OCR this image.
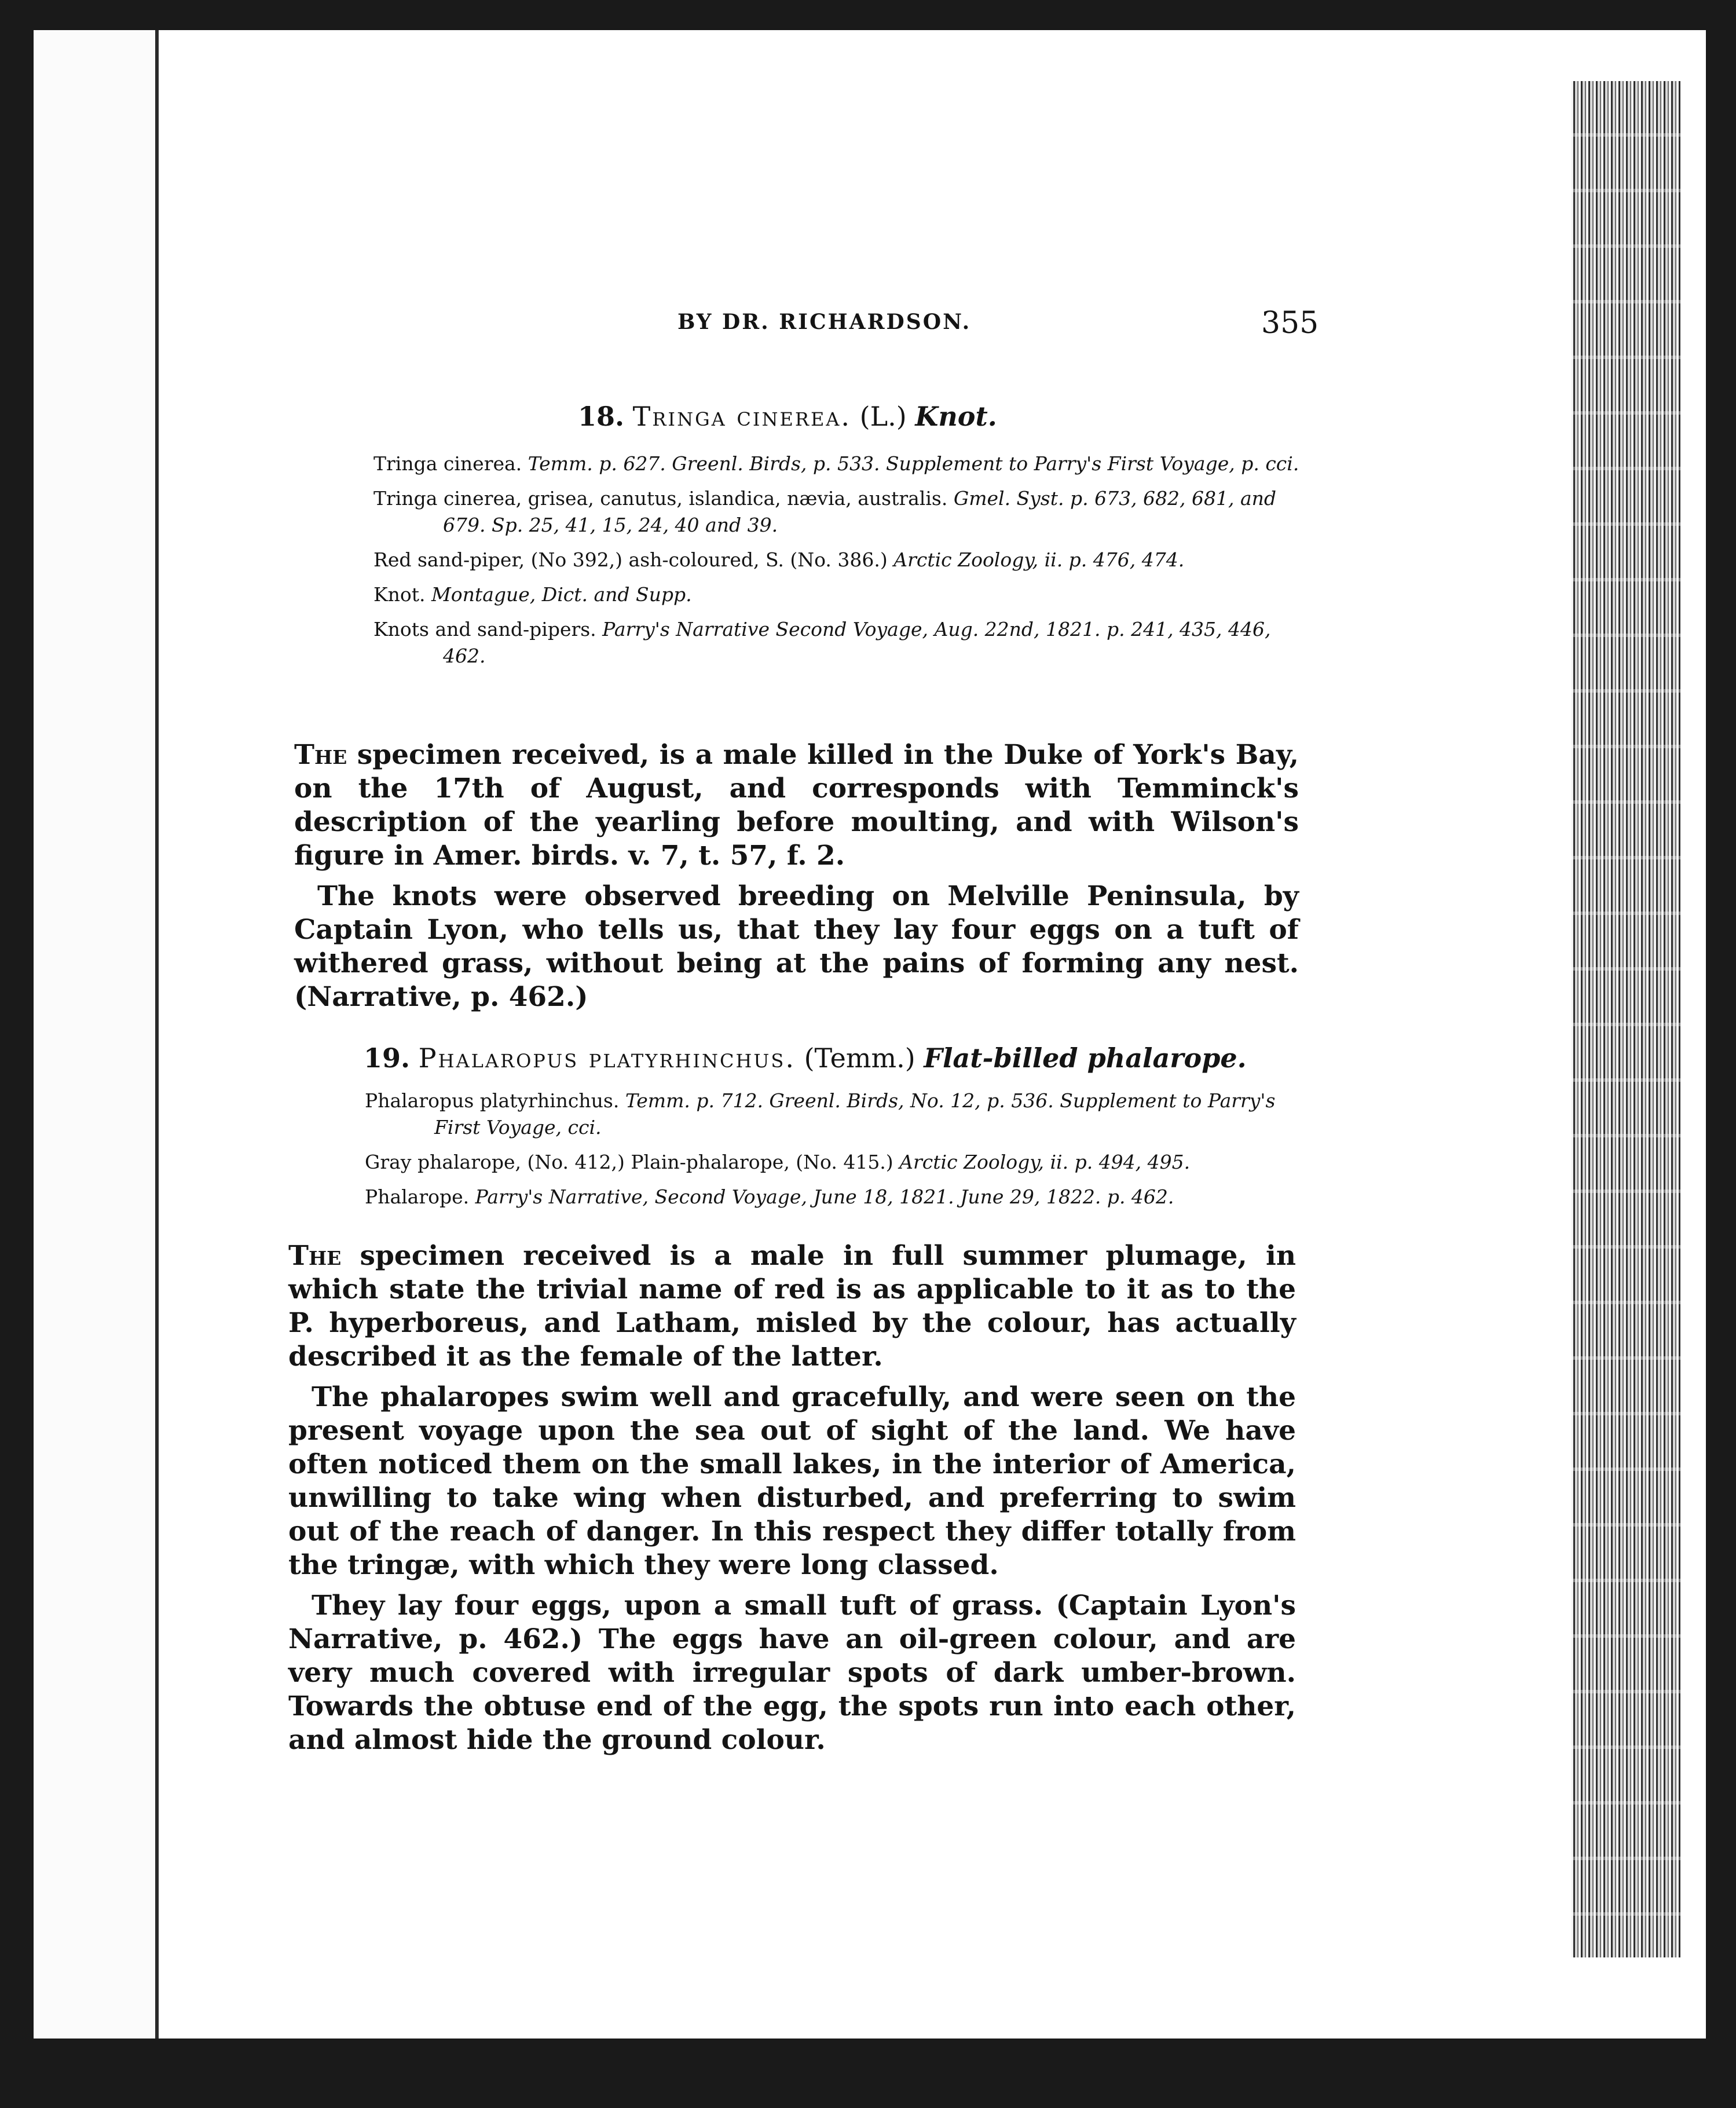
BY DR. RICHARDSON.	355
18. Tringa cinerea. (L.) Knot.
Tringa cinerea. Temm. p. 627. Greenl. Birds, p. 533. Supplement to Parry's First Voyage, p. cci.
Tringa cinerea, grisea, canutus, islandica, nævia, australis. Gmel. Syst. p. 673, 682, 681, and 679. Sp. 25, 41, 15, 24, 40 and 39.
Red sand-piper, (No 392,) ash-coloured, S. (No. 386.) Arctic Zoology, ii. p. 476, 474.
Knot. Montague, Dict. and Supp.
Knots and sand-pipers. Parry's Narrative Second Voyage, Aug. 22nd, 1821. p. 241, 435, 446, 462.

The specimen received, is a male killed in the Duke of York's Bay, on the 17th of August, and corresponds with Temminck's description of the yearling before moulting, and with Wilson's figure in Amer. birds. v. 7, t. 57, f. 2.

The knots were observed breeding on Melville Peninsula, by Captain Lyon, who tells us, that they lay four eggs on a tuft of withered grass, without being at the pains of forming any nest. (Narrative, p. 462.)

19. Phalaropus platyrhinchus. (Temm.) Flat-billed phalarope.
Phalaropus platyrhinchus. Temm. p. 712. Greenl. Birds, No. 12, p. 536. Supplement to Parry's First Voyage, cci.
Gray phalarope, (No. 412,) Plain-phalarope, (No. 415.) Arctic Zoology, ii. p. 494, 495.
Phalarope. Parry's Narrative, Second Voyage, June 18, 1821. June 29, 1822. p. 462.

The specimen received is a male in full summer plumage, in which state the trivial name of red is as applicable to it as to the P. hyperboreus, and Latham, misled by the colour, has actually described it as the female of the latter.

The phalaropes swim well and gracefully, and were seen on the present voyage upon the sea out of sight of the land. We have often noticed them on the small lakes, in the interior of America, unwilling to take wing when disturbed, and preferring to swim out of the reach of danger. In this respect they differ totally from the tringæ, with which they were long classed.

They lay four eggs, upon a small tuft of grass. (Captain Lyon's Narrative, p. 462.) The eggs have an oil-green colour, and are very much covered with irregular spots of dark umber-brown. Towards the obtuse end of the egg, the spots run into each other, and almost hide the ground colour.
